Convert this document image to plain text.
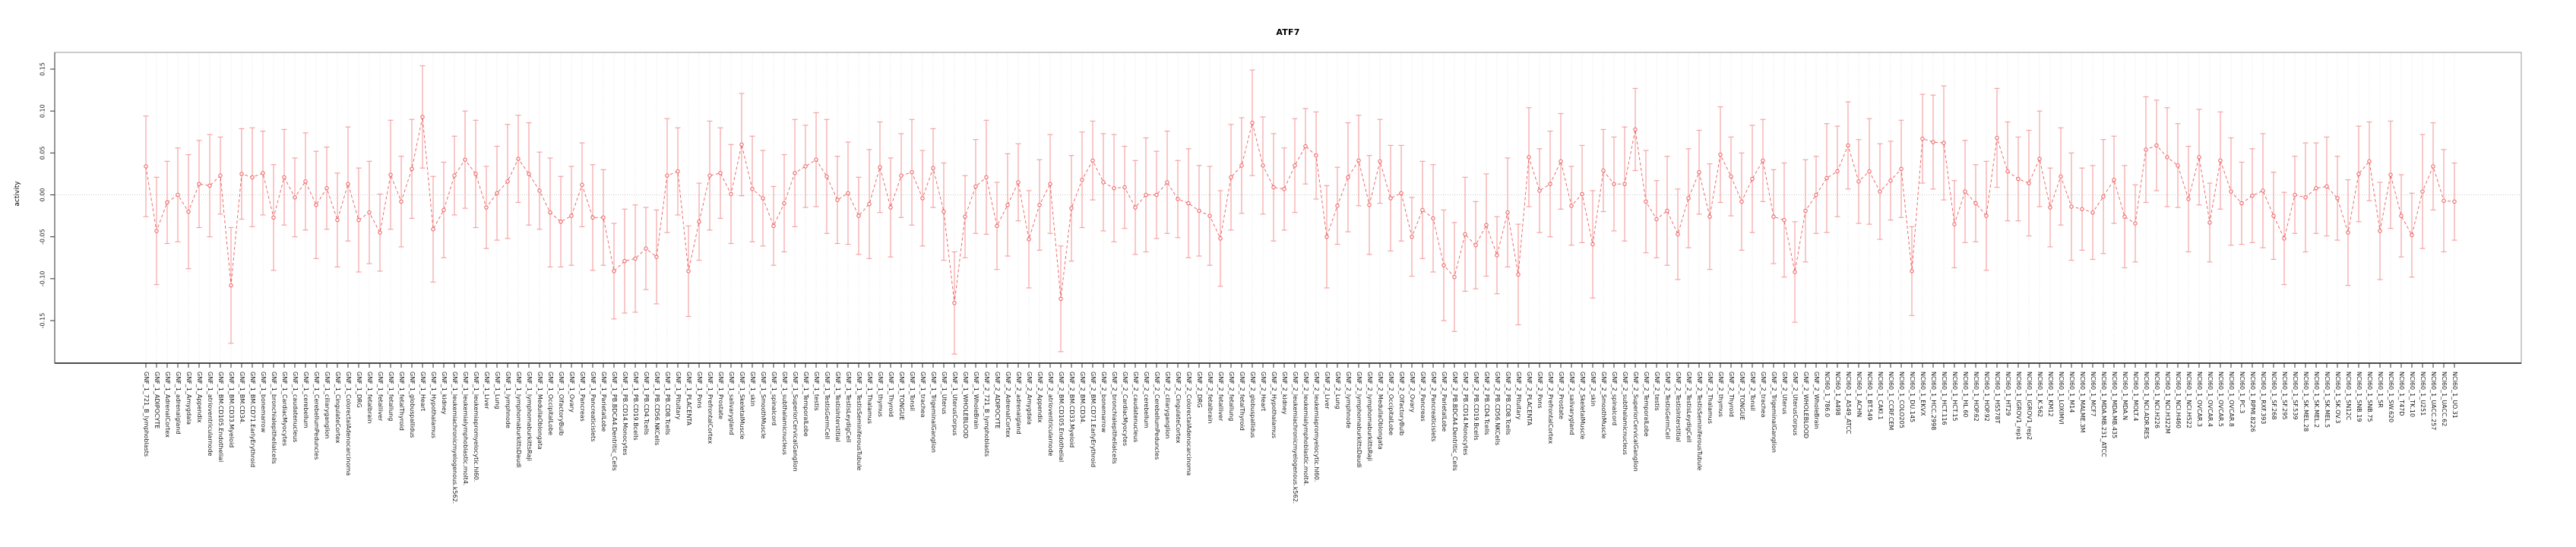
ATF7
activity
0.15
0.10
0.05
0.00
-0.05
-0.10
-0.15
GNF_1_721_B_lymphoblasts GNF_1_ADIPOCYTE GNF_1_AdrenalCortex GNF_1_adrenalgland GNF_1_Amygdala GNF_1_Appendix GNF_1_atrioventricularnode GNF_1_BM.CD105.Endothelial GNF_1_BM.CD33.Myeloid GNF_1_BM.CD34. GNF_1_BM.CD71.EarlyErythroid GNF_1_bonemarrow GNF_1_bronchialepithelialcells GNF_1_CardiacMyocytes GNF_1_caudatenucleus GNF_1_cerebellum GNF_1_CerebellumPeduncles GNF_1_ciliaryganglion GNF_1_CingulateCortex GNF_1_ColorectalAdenocarcinoma GNF_1_DRG GNF_1_fetalbrain GNF_1_fetalliver GNF_1_fetallung GNF_1_fetalThyroid GNF_1_globuspallidus GNF_1_Heart GNF_1_Hypothalamus GNF_1_kidney GNF_1_leukemiachronicmyelogenous.k562. GNF_1_leukemialymphoblastic.molt4. GNF_1_leukemiapromyelocytic.hl60. GNF_1_Liver GNF_1_Lung GNF_1_lymphnode GNF_1_lymphomaburkittsDaudi GNF_1_lymphomaburkittsRaji GNF_1_MedullaOblongata GNF_1_OccipitalLobe GNF_1_OlfactoryBulb GNF_1_Ovary GNF_1_Pancreas GNF_1_Pancreaticislets GNF_1_ParietalLobe GNF_1_PB.BDCA4.Dentritic_Cells GNF_1_PB.CD14.Monocytes GNF_1_PB.CD19.Bcells GNF_1_PB.CD4.Tcells GNF_1_PB.CD56.NKCells GNF_1_PB.CD8.Tcells GNF_1_Pituitary GNF_1_PLACENTA GNF_1_Pons GNF_1_PrefrontalCortex GNF_1_Prostate GNF_1_salivarygland GNF_1_SkeletalMuscle GNF_1_skin GNF_1_SmoothMuscle GNF_1_spinalcord GNF_1_subthalamicnucleus GNF_1_SuperiorCervicalGanglion GNF_1_TemporalLobe GNF_1_testis GNF_1_TestisGermCell GNF_1_TestisInterstitial GNF_1_TestisLeydigCell GNF_1_TestisSeminiferousTubule GNF_1_Thalamus GNF_1_thymus GNF_1_Thyroid GNF_1_TONGUE GNF_1_Tonsil GNF_1_trachea GNF_1_TrigeminalGanglion GNF_1_Uterus GNF_1_UterusCorpus GNF_1_WHOLEBLOOD GNF_1_WholeBrain GNF_2_721_B_lymphoblasts GNF_2_ADIPOCYTE GNF_2_AdrenalCortex GNF_2_adrenalgland GNF_2_Amygdala GNF_2_Appendix GNF_2_atrioventricularnode GNF_2_BM.CD105.Endothelial GNF_2_BM.CD33.Myeloid GNF_2_BM.CD34. GNF_2_BM.CD71.EarlyErythroid GNF_2_bonemarrow GNF_2_bronchialepithelialcells GNF_2_CardiacMyocytes GNF_2_caudatenucleus GNF_2_cerebellum GNF_2_CerebellumPeduncles GNF_2_ciliaryganglion GNF_2_CingulateCortex GNF_2_ColorectalAdenocarcinoma GNF_2_DRG GNF_2_fetalbrain GNF_2_fetalliver GNF_2_fetallung GNF_2_fetalThyroid GNF_2_globuspallidus GNF_2_Heart GNF_2_Hypothalamus GNF_2_kidney GNF_2_leukemiachronicmyelogenous.k562. GNF_2_leukemialymphoblastic.molt4. GNF_2_leukemiapromyelocytic.hl60. GNF_2_Liver GNF_2_Lung GNF_2_lymphnode GNF_2_lymphomaburkittsDaudi GNF_2_lymphomaburkittsRaji GNF_2_MedullaOblongata GNF_2_OccipitalLobe GNF_2_OlfactoryBulb GNF_2_Ovary GNF_2_Pancreas GNF_2_Pancreaticislets GNF_2_ParietalLobe GNF_2_PB.BDCA4.Dentritic_Cells GNF_2_PB.CD14.Monocytes GNF_2_PB.CD19.Bcells GNF_2_PB.CD4.Tcells GNF_2_PB.CD56.NKCells GNF_2_PB.CD8.Tcells GNF_2_Pituitary GNF_2_PLACENTA GNF_2_Pons GNF_2_PrefrontalCortex GNF_2_Prostate GNF_2_salivarygland GNF_2_SkeletalMuscle GNF_2_skin GNF_2_SmoothMuscle GNF_2_spinalcord GNF_2_subthalamicnucleus GNF_2_SuperiorCervicalGanglion GNF_2_TemporalLobe GNF_2_testis GNF_2_TestisGermCell GNF_2_TestisInterstitial GNF_2_TestisLeydigCell GNF_2_TestisSeminiferousTubule GNF_2_Thalamus GNF_2_thymus GNF_2_Thyroid GNF_2_TONGUE GNF_2_Tonsil GNF_2_trachea GNF_2_TrigeminalGanglion GNF_2_Uterus GNF_2_UterusCorpus GNF_2_WHOLEBLOOD GNF_2_WholeBrain NCI60_1_786.0 NCI60_1_A498 NCI60_1_A549_ATCC NCI60_1_ACHN NCI60_1_BT.549 NCI60_1_CAKI.1 NCI60_1_CCRF.CEM NCI60_1_COLO205 NCI60_1_DU.145 NCI60_1_EKVX NCI60_1_HCC.2998 NCI60_1_HCT.116 NCI60_1_HCT.15 NCI60_1_HL.60 NCI60_1_HOP.62 NCI60_1_HOP.92 NCI60_1_HS578T NCI60_1_HT29 NCI60_1_IGROV1_rep1 NCI60_1_IGROV1_rep2 NCI60_1_K.562 NCI60_1_KM12 NCI60_1_LOXIMVI NCI60_1_M14 NCI60_1_MALME.3M NCI60_1_MCF7 NCI60_1_MDA.MB.231_ATCC NCI60_1_MDA.MB.435 NCI60_1_MDA.N NCI60_1_MOLT.4 NCI60_1_NCI.ADR.RES NCI60_1_NCI.H226 NCI60_1_NCI.H322M NCI60_1_NCI.H460 NCI60_1_NCI.H522 NCI60_1_OVCAR.3 NCI60_1_OVCAR.4 NCI60_1_OVCAR.5 NCI60_1_OVCAR.8 NCI60_1_PC.3 NCI60_1_RPMI.8226 NCI60_1_RXF.393 NCI60_1_SF.268 NCI60_1_SF.295 NCI60_1_SF.539 NCI60_1_SK.MEL.28 NCI60_1_SK.MEL.2 NCI60_1_SK.MEL.5 NCI60_1_SK.OV.3 NCI60_1_SN12C NCI60_1_SNB.19 NCI60_1_SNB.75 NCI60_1_SR NCI60_1_SW.620 NCI60_1_T47D NCI60_1_TK.10 NCI60_1_U251 NCI60_1_UACC.257 NCI60_1_UACC.62 NCI60_1_UO.31
